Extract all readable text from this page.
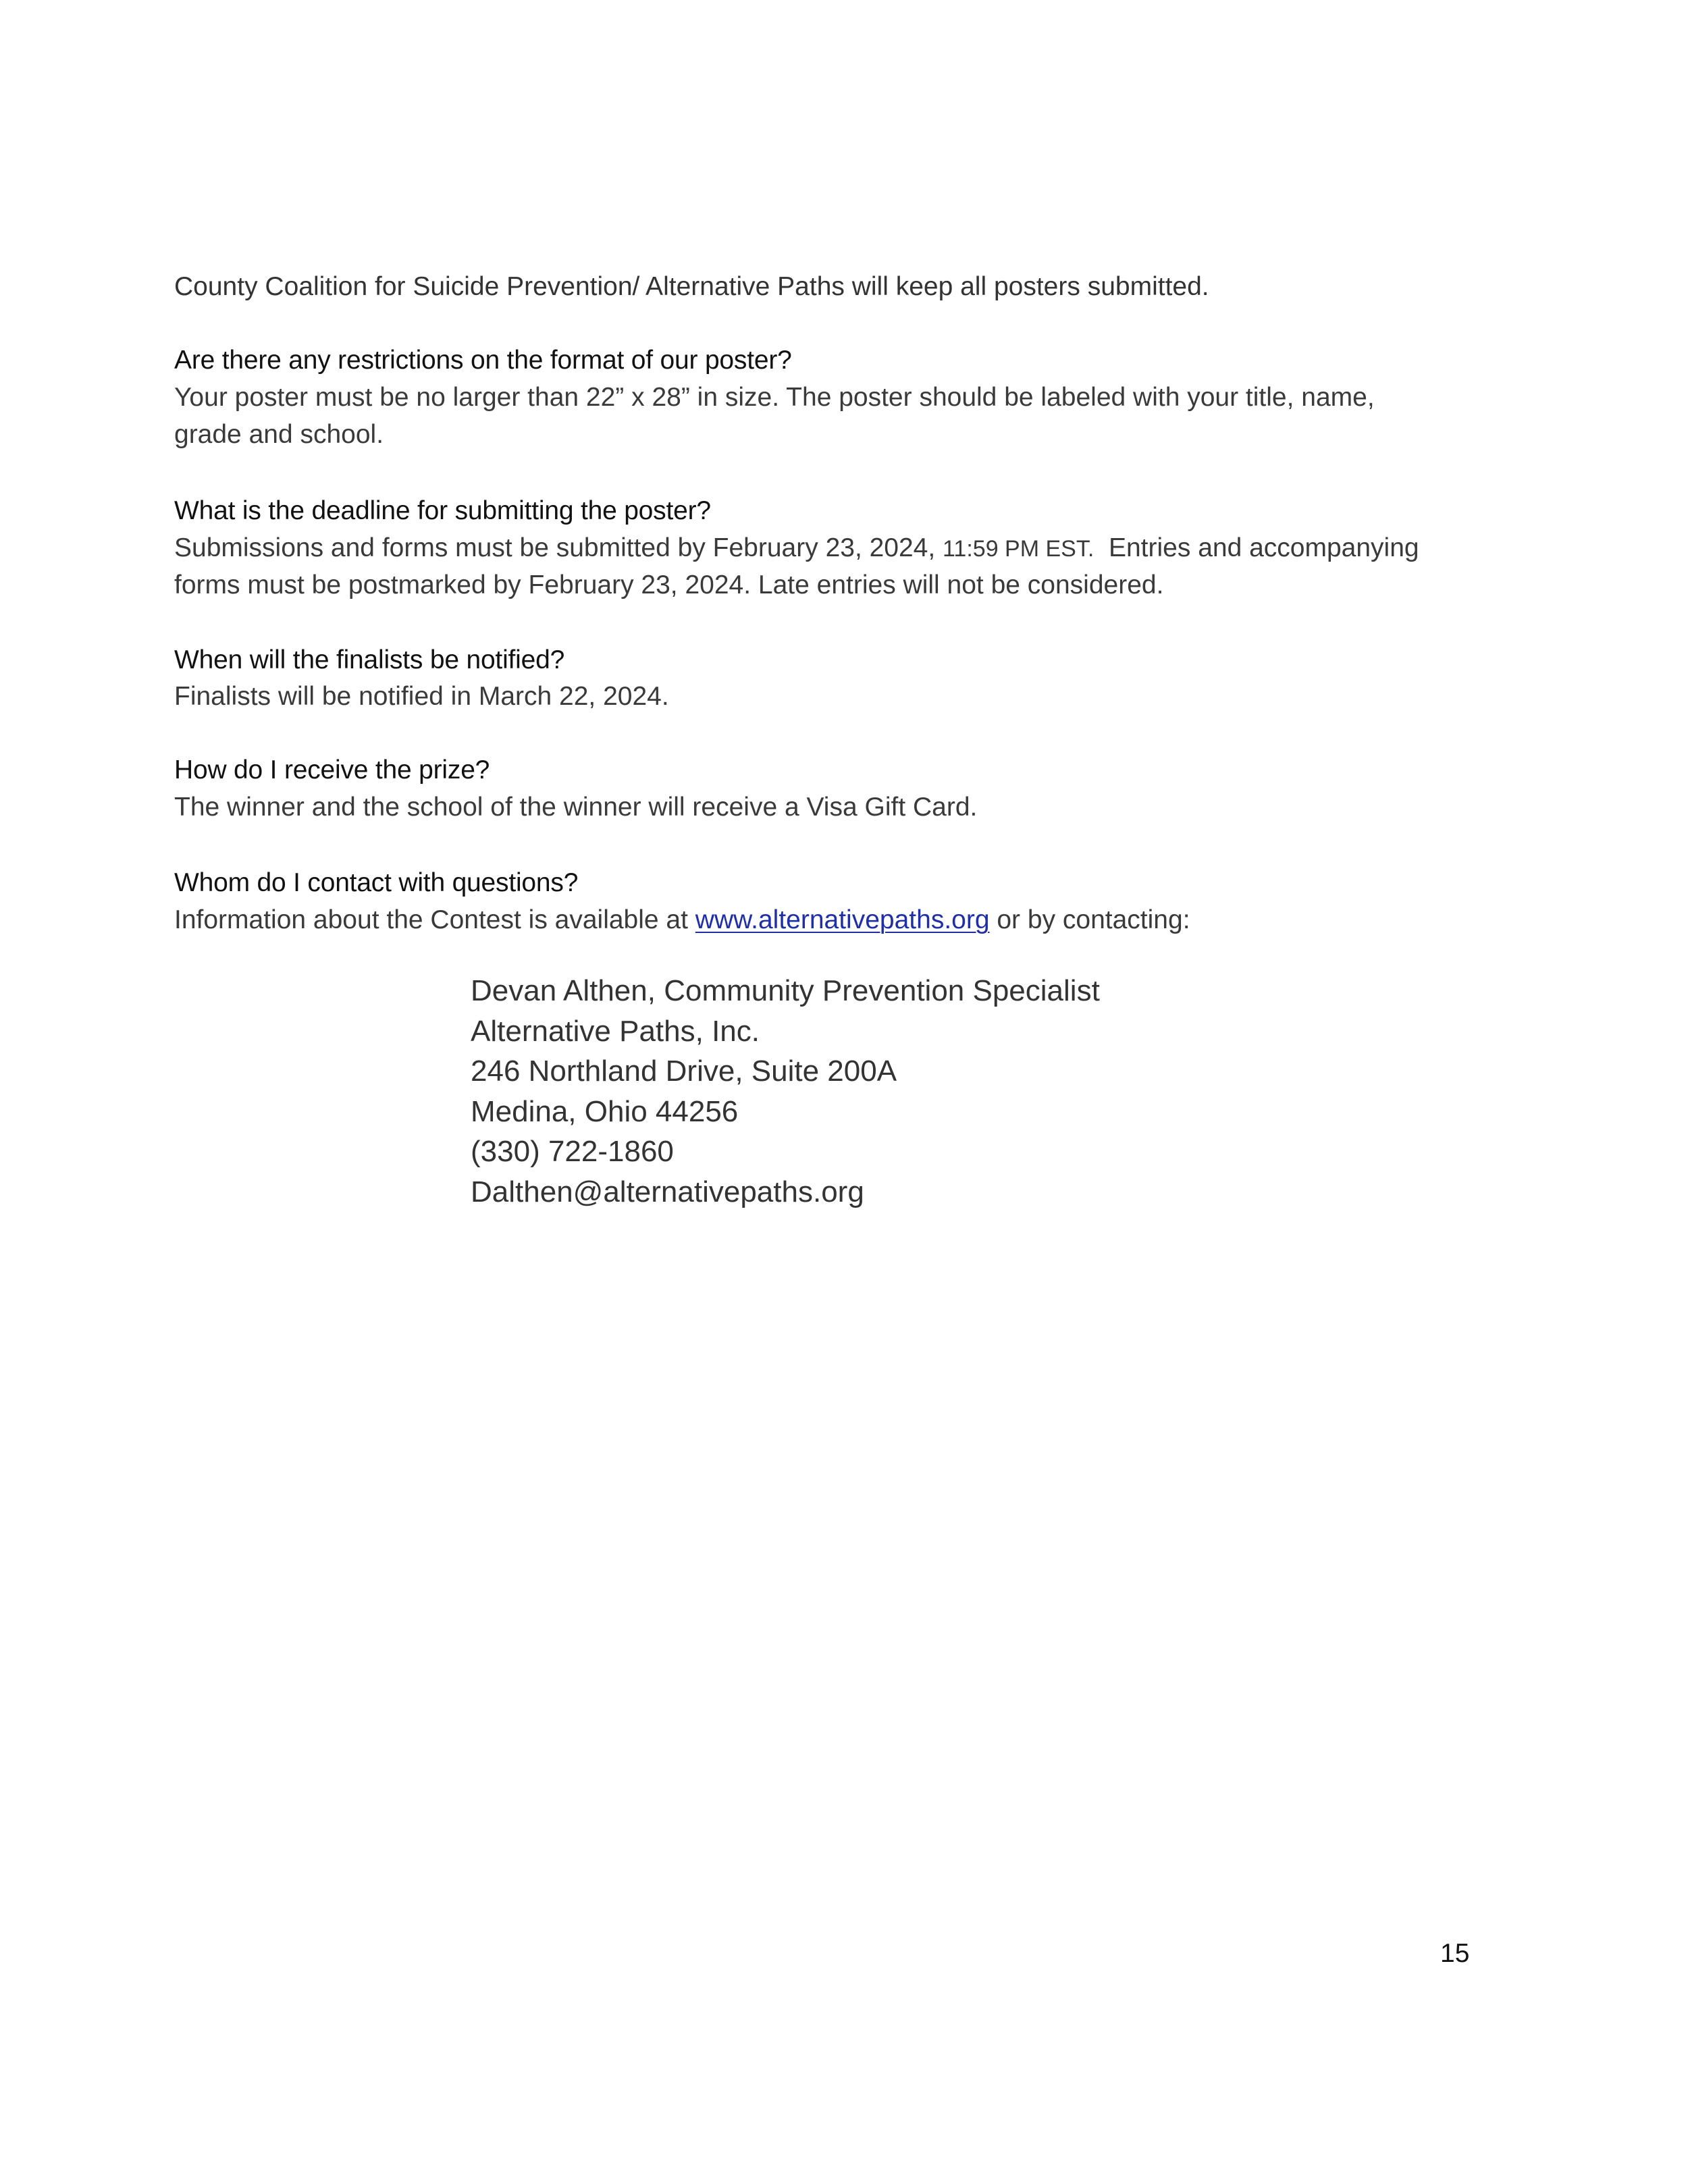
County Coalition for Suicide Prevention/ Alternative Paths will keep all posters submitted.
Are there any restrictions on the format of our poster?
Your poster must be no larger than 22” x 28” in size. The poster should be labeled with your title, name,
grade and school.
What is the deadline for submitting the poster?
Submissions and forms must be submitted by February 23, 2024, 11:59 PM EST.  Entries and accompanying
forms must be postmarked by February 23, 2024. Late entries will not be considered.
When will the finalists be notified?
Finalists will be notified in March 22, 2024.
How do I receive the prize?
The winner and the school of the winner will receive a Visa Gift Card.
Whom do I contact with questions?
Information about the Contest is available at www.alternativepaths.org or by contacting:
Devan Althen, Community Prevention Specialist
Alternative Paths, Inc.
246 Northland Drive, Suite 200A
Medina, Ohio 44256
(330) 722-1860
Dalthen@alternativepaths.org
15
